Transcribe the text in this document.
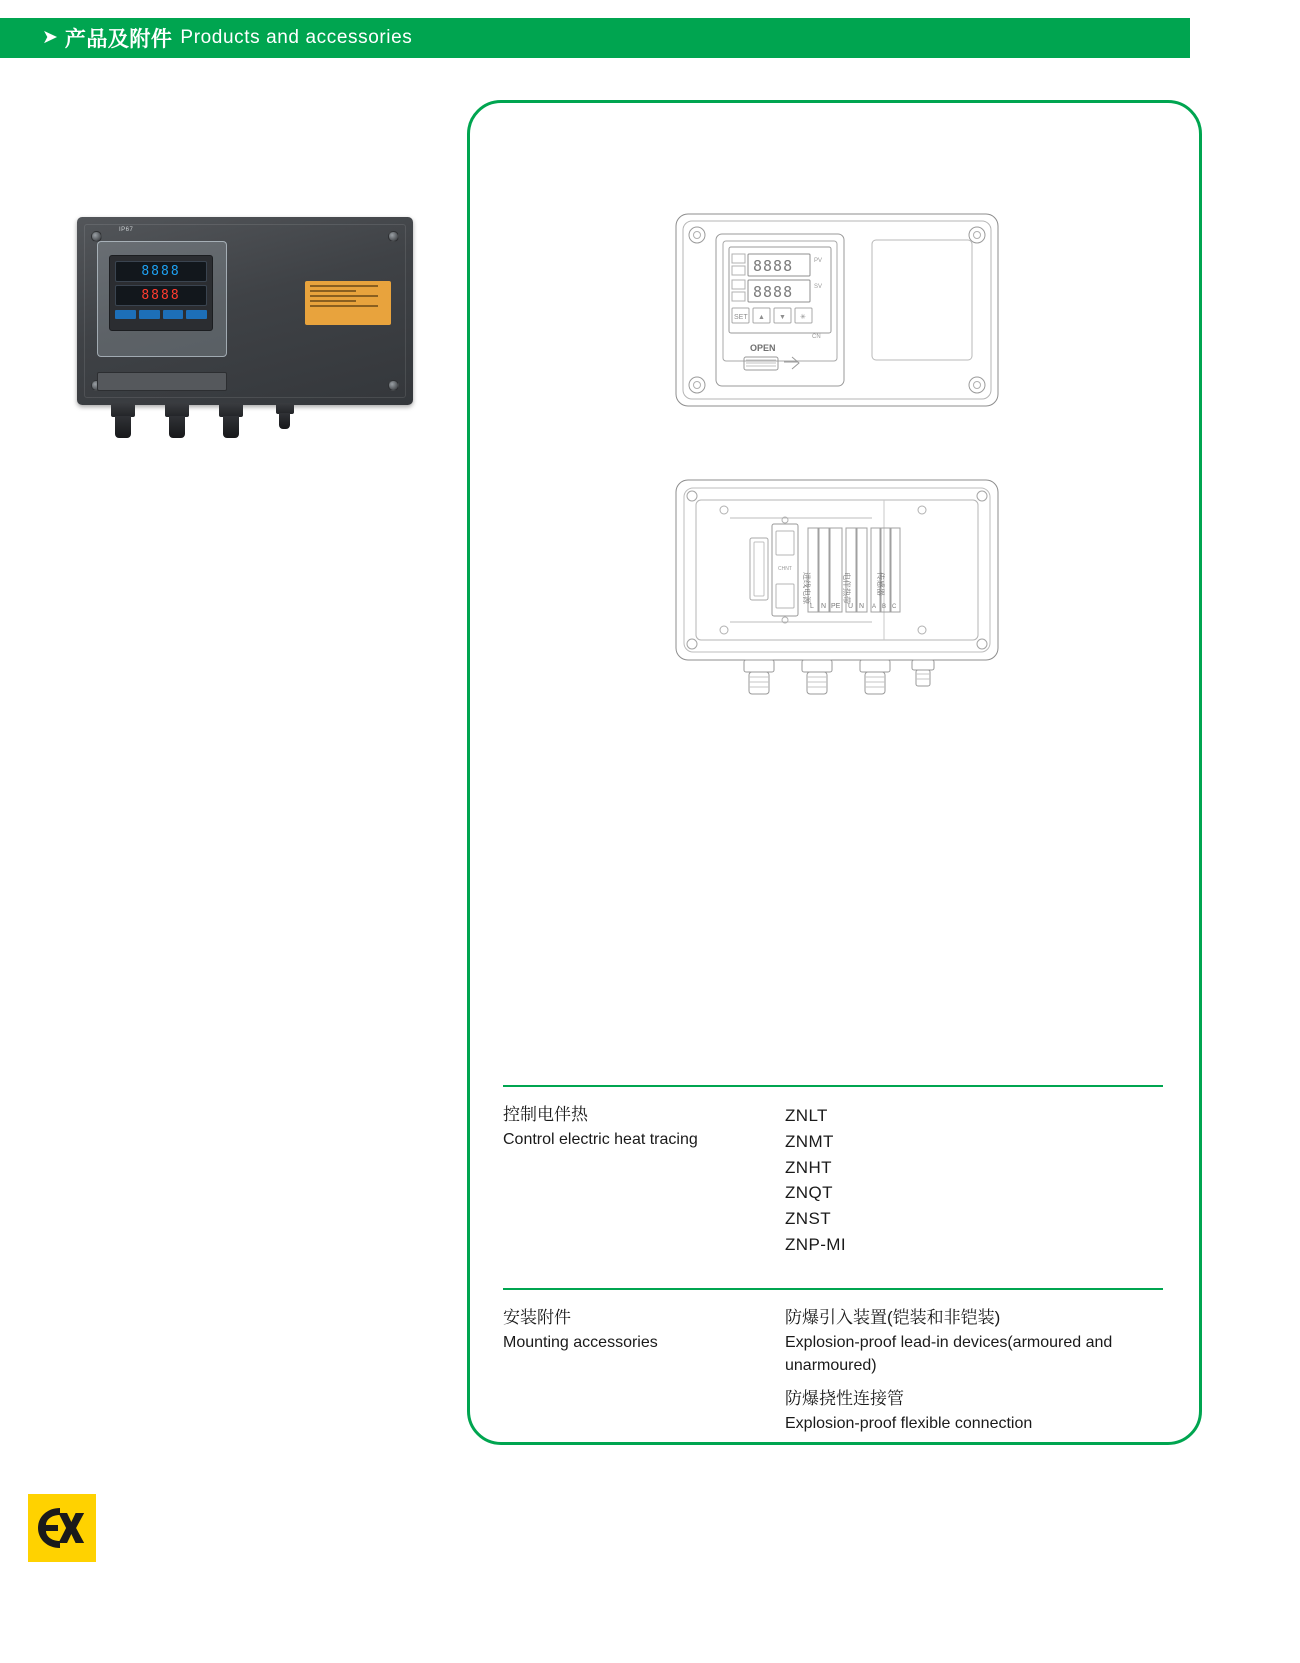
➤ 产品及附件 Products and accessories
IP67
8888
8888
8888
8888
PV
SV
SET ▲ ▼ ✳
CN
OPEN
CHNT
进线电源	电伴热带	传感器
L N PE U N A B C
控制电伴热
Control electric heat tracing
ZNLT
ZNMT
ZNHT
ZNQT
ZNST
ZNP-MI
安装附件
Mounting accessories
防爆引入装置(铠装和非铠装)
Explosion-proof lead-in devices(armoured and unarmoured)
防爆挠性连接管
Explosion-proof flexible connection
